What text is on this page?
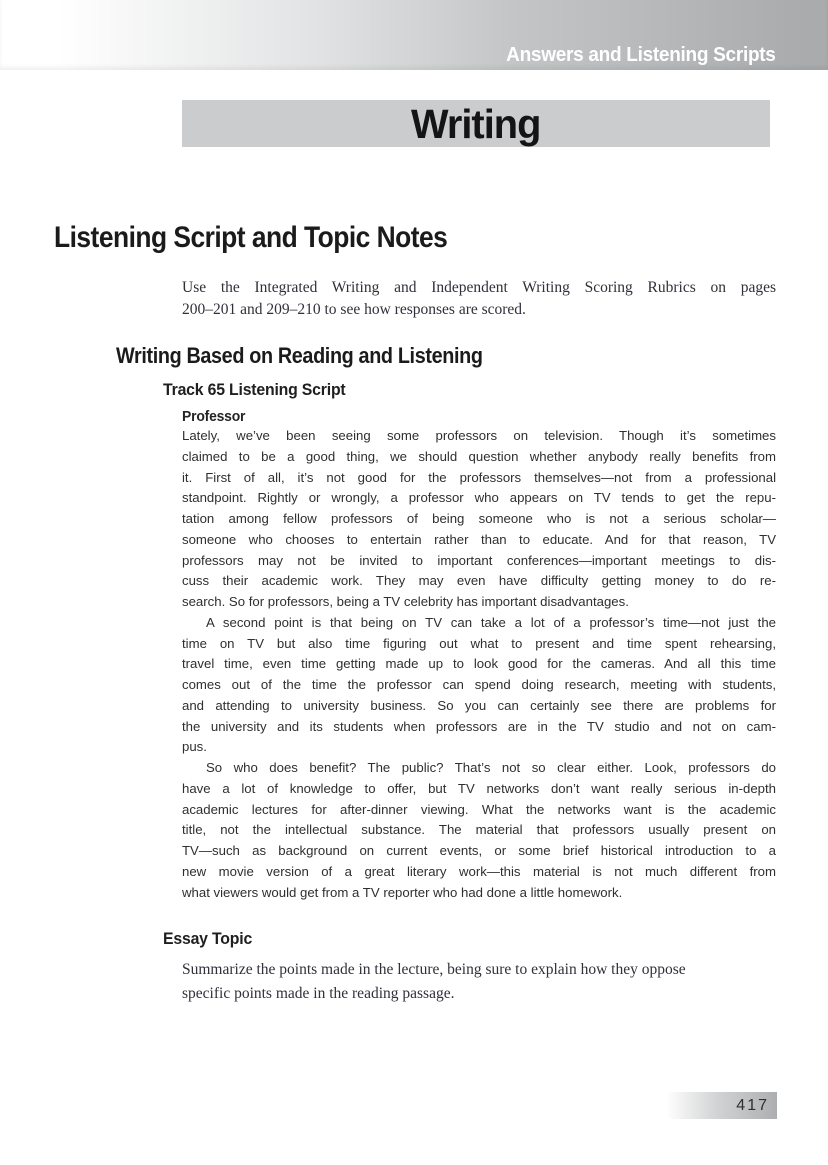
Answers and Listening Scripts
Writing
Listening Script and Topic Notes
Use the Integrated Writing and Independent Writing Scoring Rubrics on pages
200–201 and 209–210 to see how responses are scored.
Writing Based on Reading and Listening
Track 65 Listening Script
Professor
Lately, we’ve been seeing some professors on television. Though it’s sometimes
claimed to be a good thing, we should question whether anybody really benefits from
it. First of all, it’s not good for the professors themselves—not from a professional
standpoint. Rightly or wrongly, a professor who appears on TV tends to get the repu-
tation among fellow professors of being someone who is not a serious scholar—
someone who chooses to entertain rather than to educate. And for that reason, TV
professors may not be invited to important conferences—important meetings to dis-
cuss their academic work. They may even have difficulty getting money to do re-
search. So for professors, being a TV celebrity has important disadvantages.
A second point is that being on TV can take a lot of a professor’s time—not just the
time on TV but also time figuring out what to present and time spent rehearsing,
travel time, even time getting made up to look good for the cameras. And all this time
comes out of the time the professor can spend doing research, meeting with students,
and attending to university business. So you can certainly see there are problems for
the university and its students when professors are in the TV studio and not on cam-
pus.
So who does benefit? The public? That’s not so clear either. Look, professors do
have a lot of knowledge to offer, but TV networks don’t want really serious in-depth
academic lectures for after-dinner viewing. What the networks want is the academic
title, not the intellectual substance. The material that professors usually present on
TV—such as background on current events, or some brief historical introduction to a
new movie version of a great literary work—this material is not much different from
what viewers would get from a TV reporter who had done a little homework.
Essay Topic
Summarize the points made in the lecture, being sure to explain how they oppose
specific points made in the reading passage.
417
